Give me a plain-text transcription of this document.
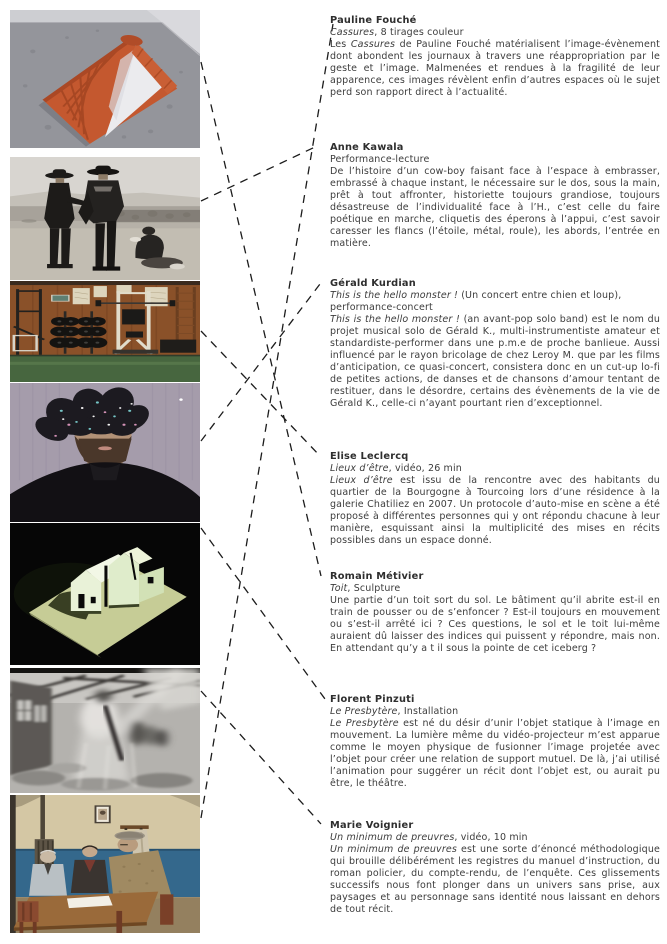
Pauline Fouché

Cassures, 8 tirages couleur

Les Cassures de Pauline Fouché matérialisent l’image-évènement dont abondent les journaux à travers une réappropriation par le geste et l’image. Malmenées et rendues à la fragilité de leur apparence, ces images révèlent enfin d’autres espaces où le sujet perd son rapport direct à l’actualité.

Anne Kawala

Performance-lecture

De l’histoire d’un cow-boy faisant face à l’espace à embrasser, embrassé à chaque instant, le nécessaire sur le dos, sous la main, prêt à tout affronter, historiette toujours grandiose, toujours désastreuse de l’individualité face à l’H., c’est celle du faire poétique en marche, cliquetis des éperons à l’appui, c’est savoir caresser les flancs (l’étoile, métal, roule), les abords, l’entrée en matière.

Gérald Kurdian

This is the hello monster ! (Un concert entre chien et loup), performance-concert

This is the hello monster ! (an avant-pop solo band) est le nom du projet musical solo de Gérald K., multi-instrumentiste amateur et standardiste-performer dans une p.m.e de proche banlieue. Aussi influencé par le rayon bricolage de chez Leroy M. que par les films d’anticipation, ce quasi-concert, consistera donc en un cut-up lo-fi de petites actions, de danses et de chansons d’amour tentant de restituer, dans le désordre, certains des évènements de la vie de Gérald K., celle-ci n’ayant pourtant rien d’exceptionnel.

Elise Leclercq

Lieux d’être, vidéo, 26 min

Lieux d’être est issu de la rencontre avec des habitants du quartier de la Bourgogne à Tourcoing lors d’une résidence à la galerie Chatiliez en 2007. Un protocole d’auto-mise en scène a été proposé à différentes personnes qui y ont répondu chacune à leur manière, esquissant ainsi la multiplicité des mises en récits possibles dans un espace donné.

Romain Métivier

Toit, Sculpture

Une partie d’un toit sort du sol. Le bâtiment qu’il abrite est-il en train de pousser ou de s’enfoncer ? Est-il toujours en mouvement ou s’est-il arrêté ici ? Ces questions, le sol et le toit lui-même auraient dû laisser des indices qui puissent y répondre, mais non. En attendant qu’y a t il sous la pointe de cet iceberg ?

Florent Pinzuti

Le Presbytère, Installation

Le Presbytère est né du désir d’unir l’objet statique à l’image en mouvement. La lumière même du vidéo-projecteur m’est apparue comme le moyen physique de fusionner l’image projetée avec l’objet pour créer une relation de support mutuel. De là, j’ai utilisé l’animation pour suggérer un récit dont l’objet est, ou aurait pu être, le théâtre.

Marie Voignier

Un minimum de preuvres, vidéo, 10 min

Un minimum de preuvres est une sorte d’énoncé méthodologique qui brouille délibérément les registres du manuel d’instruction, du roman policier, du compte-rendu, de l’enquête. Ces glissements successifs nous font plonger dans un univers sans prise, aux paysages et au personnage sans identité nous laissant en dehors de tout récit.
